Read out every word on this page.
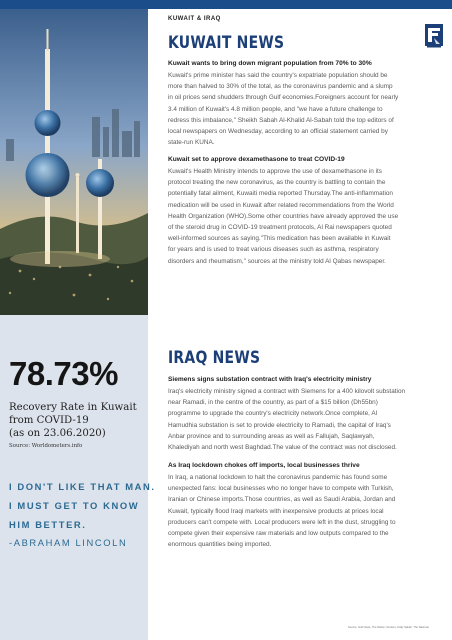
78.73%
Recovery Rate in Kuwait
from COVID-19
(as on 23.06.2020)
Source: Worldometers.info
I DON'T LIKE THAT MAN.
I MUST GET TO KNOW
HIM BETTER.
-ABRAHAM LINCOLN
KUWAIT & IRAQ
KUWAIT NEWS
Kuwait wants to bring down migrant population from 70% to 30%
Kuwait's prime minister has said the country's expatriate population should be
more than halved to 30% of the total, as the coronavirus pandemic and a slump
in oil prices send shudders through Gulf economies.Foreigners account for nearly
3.4 million of Kuwait's 4.8 million people, and "we have a future challenge to
redress this imbalance," Sheikh Sabah Al-Khalid Al-Sabah told the top editors of
local newspapers on Wednesday, according to an official statement carried by
state-run KUNA.
Kuwait set to approve dexamethasone to treat COVID-19
Kuwait's Health Ministry intends to approve the use of dexamethasone in its
protocol treating the new coronavirus, as the country is battling to contain the
potentially fatal ailment, Kuwaiti media reported Thursday.The anti-inflammation
medication will be used in Kuwait after related recommendations from the World
Health Organization (WHO).Some other countries have already approved the use
of the steroid drug in COVID-19 treatment protocols, Al Rai newspapers quoted
well-informed sources as saying."This medication has been available in Kuwait
for years and is used to treat various diseases such as asthma, respiratory
disorders and rheumatism," sources at the ministry told Al Qabas newspaper.
IRAQ NEWS
Siemens signs substation contract with Iraq's electricity ministry
Iraq's electricity ministry signed a contract with Siemens for a 400 kilovolt substation
near Ramadi, in the centre of the country, as part of a $15 billion (Dh55bn)
programme to upgrade the country's electricity network.Once complete, Al
Hamudhia substation is set to provide electricity to Ramadi, the capital of Iraq's
Anbar province and to surrounding areas as well as Fallujah, Saqlawyah,
Khalediyah and north west Baghdad.The value of the contract was not disclosed.
As Iraq lockdown chokes off imports, local businesses thrive
In Iraq, a national lockdown to halt the coronavirus pandemic has found some
unexpected fans: local businesses who no longer have to compete with Turkish,
Iranian or Chinese imports.Those countries, as well as Saudi Arabia, Jordan and
Kuwait, typically flood Iraqi markets with inexpensive products at prices local
producers can't compete with. Local producers were left in the dust, struggling to
compete given their expensive raw materials and low outputs compared to the
enormous quantities being imported.
Source: Gulf News, The Nation, Reuters, Daily Sabah, The National
